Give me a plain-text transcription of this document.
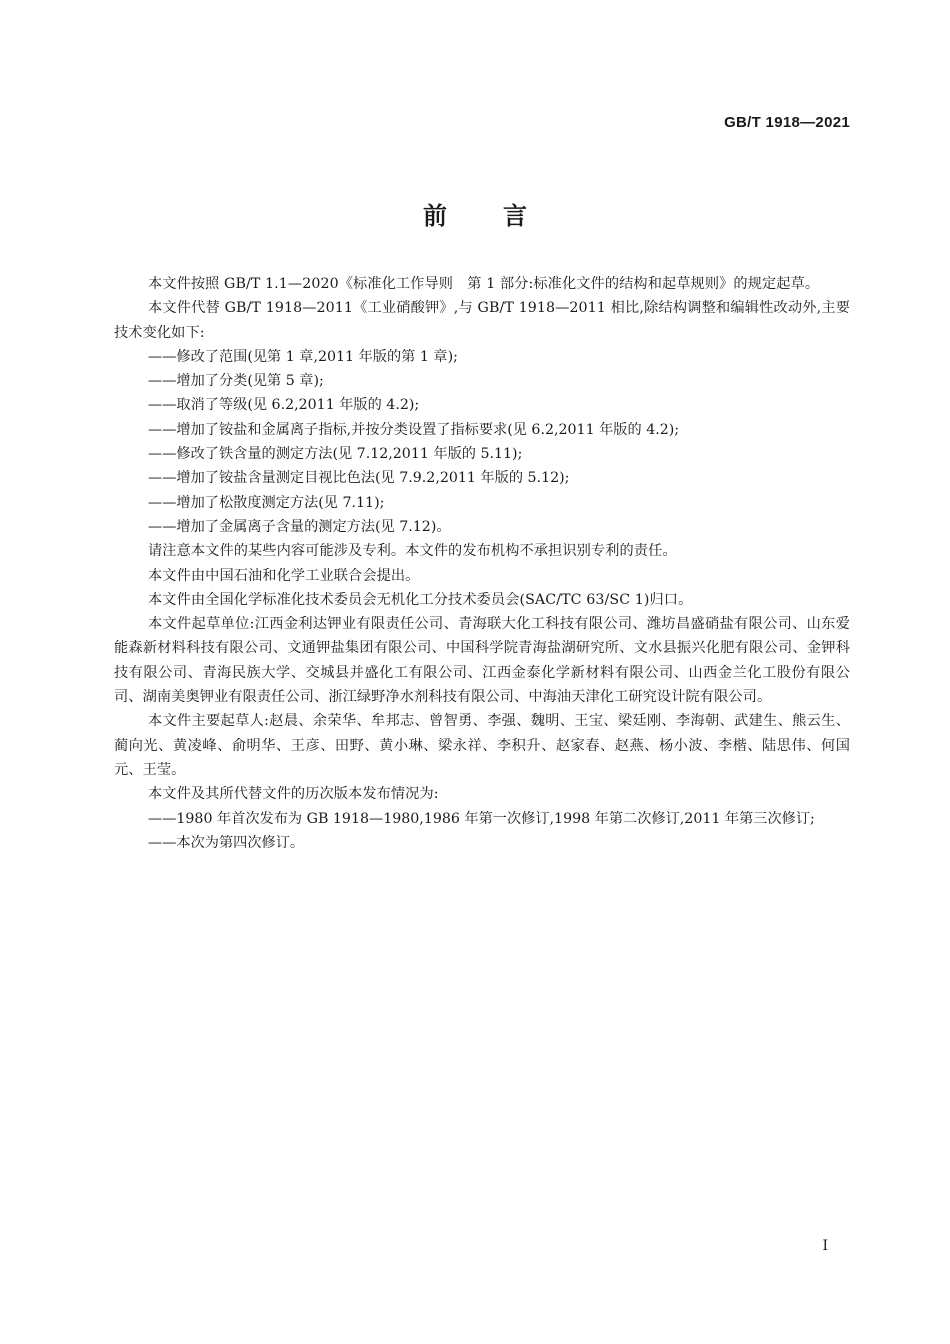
GB/T 1918—2021
前言

本文件按照 GB/T 1.1—2020《标准化工作导则　第 1 部分:标准化文件的结构和起草规则》的规定起草。

本文件代替 GB/T 1918—2011《工业硝酸钾》,与 GB/T 1918—2011 相比,除结构调整和编辑性改动外,主要技术变化如下:

——修改了范围(见第 1 章,2011 年版的第 1 章);

——增加了分类(见第 5 章);

——取消了等级(见 6.2,2011 年版的 4.2);

——增加了铵盐和金属离子指标,并按分类设置了指标要求(见 6.2,2011 年版的 4.2);

——修改了铁含量的测定方法(见 7.12,2011 年版的 5.11);

——增加了铵盐含量测定目视比色法(见 7.9.2,2011 年版的 5.12);

——增加了松散度测定方法(见 7.11);

——增加了金属离子含量的测定方法(见 7.12)。

请注意本文件的某些内容可能涉及专利。本文件的发布机构不承担识别专利的责任。

本文件由中国石油和化学工业联合会提出。

本文件由全国化学标准化技术委员会无机化工分技术委员会(SAC/TC 63/SC 1)归口。

本文件起草单位:江西金利达钾业有限责任公司、青海联大化工科技有限公司、潍坊昌盛硝盐有限公司、山东爱能森新材料科技有限公司、文通钾盐集团有限公司、中国科学院青海盐湖研究所、文水县振兴化肥有限公司、金钾科技有限公司、青海民族大学、交城县并盛化工有限公司、江西金泰化学新材料有限公司、山西金兰化工股份有限公司、湖南美奥钾业有限责任公司、浙江绿野净水剂科技有限公司、中海油天津化工研究设计院有限公司。

本文件主要起草人:赵晨、余荣华、牟邦志、曾智勇、李强、魏明、王宝、梁廷刚、李海朝、武建生、熊云生、蔺向光、黄凌峰、俞明华、王彦、田野、黄小琳、梁永祥、李积升、赵家春、赵燕、杨小波、李楷、陆思伟、何国元、王莹。

本文件及其所代替文件的历次版本发布情况为:

——1980 年首次发布为 GB 1918—1980,1986 年第一次修订,1998 年第二次修订,2011 年第三次修订;

——本次为第四次修订。

I
